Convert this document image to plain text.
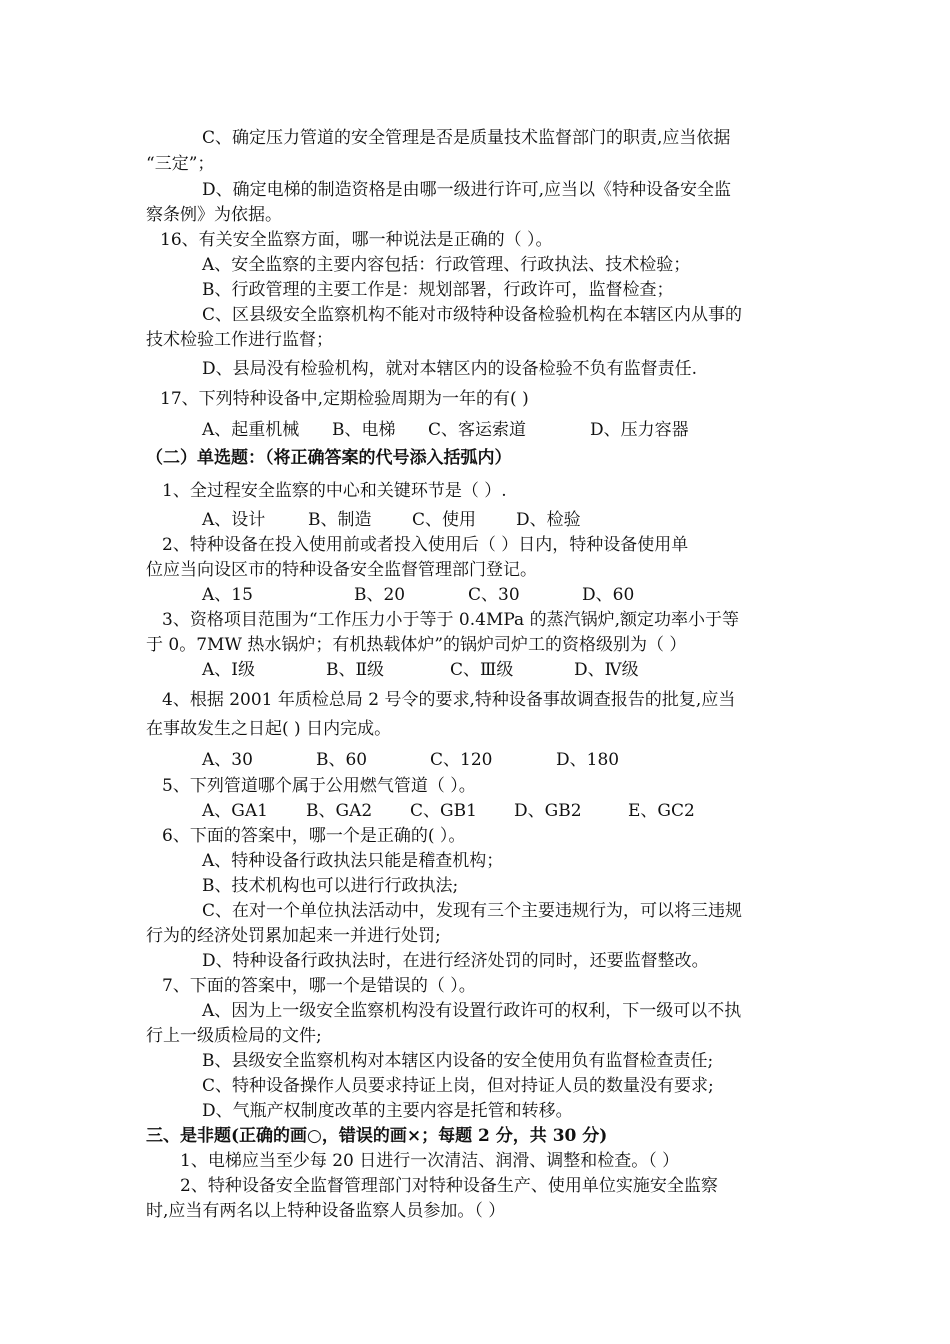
C、确定压力管道的安全管理是否是质量技术监督部门的职责,应当依据
“三定”；
D、确定电梯的制造资格是由哪一级进行许可,应当以《特种设备安全监
察条例》为依据。
16、有关安全监察方面，哪一种说法是正确的（ ）。
A、安全监察的主要内容包括：行政管理、行政执法、技术检验；
B、行政管理的主要工作是：规划部署，行政许可，监督检查；
C、区县级安全监察机构不能对市级特种设备检验机构在本辖区内从事的
技术检验工作进行监督；
D、县局没有检验机构，就对本辖区内的设备检验不负有监督责任.
17、下列特种设备中,定期检验周期为一年的有( )
A、起重机械 B、电梯 C、客运索道	D、压力容器
（二）单选题：（将正确答案的代号添入括弧内）
1、全过程安全监察的中心和关键环节是（ ）.
A、设计	B、制造 C、使用 D、检验
2、特种设备在投入使用前或者投入使用后（ ）日内，特种设备使用单
位应当向设区市的特种设备安全监督管理部门登记。
A、15	B、20	C、30	D、60
3、资格项目范围为“工作压力小于等于 0.4MPa 的蒸汽锅炉,额定功率小于等
于 0。7MW 热水锅炉；有机热载体炉”的锅炉司炉工的资格级别为（ ）
A、Ⅰ级	B、Ⅱ级	C、Ⅲ级	D、Ⅳ级
4、根据 2001 年质检总局 2 号令的要求,特种设备事故调查报告的批复,应当
在事故发生之日起( ) 日内完成。
A、30	B、60	C、120	D、180
5、下列管道哪个属于公用燃气管道（ ）。
A、GA1 B、GA2 C、GB1 D、GB2	E、GC2
6、下面的答案中，哪一个是正确的( ）。
A、特种设备行政执法只能是稽查机构；
B、技术机构也可以进行行政执法;
C、在对一个单位执法活动中，发现有三个主要违规行为，可以将三违规
行为的经济处罚累加起来一并进行处罚;
D、特种设备行政执法时，在进行经济处罚的同时，还要监督整改。
7、下面的答案中，哪一个是错误的（ ）。
A、因为上一级安全监察机构没有设置行政许可的权利，下一级可以不执
行上一级质检局的文件;
B、县级安全监察机构对本辖区内设备的安全使用负有监督检查责任;
C、特种设备操作人员要求持证上岗，但对持证人员的数量没有要求;
D、气瓶产权制度改革的主要内容是托管和转移。
三、是非题(正确的画○，错误的画×；每题 2 分，共 30 分)
1、电梯应当至少每 20 日进行一次清洁、润滑、调整和检查。（ ）
2、特种设备安全监督管理部门对特种设备生产、使用单位实施安全监察
时,应当有两名以上特种设备监察人员参加。（ ）
